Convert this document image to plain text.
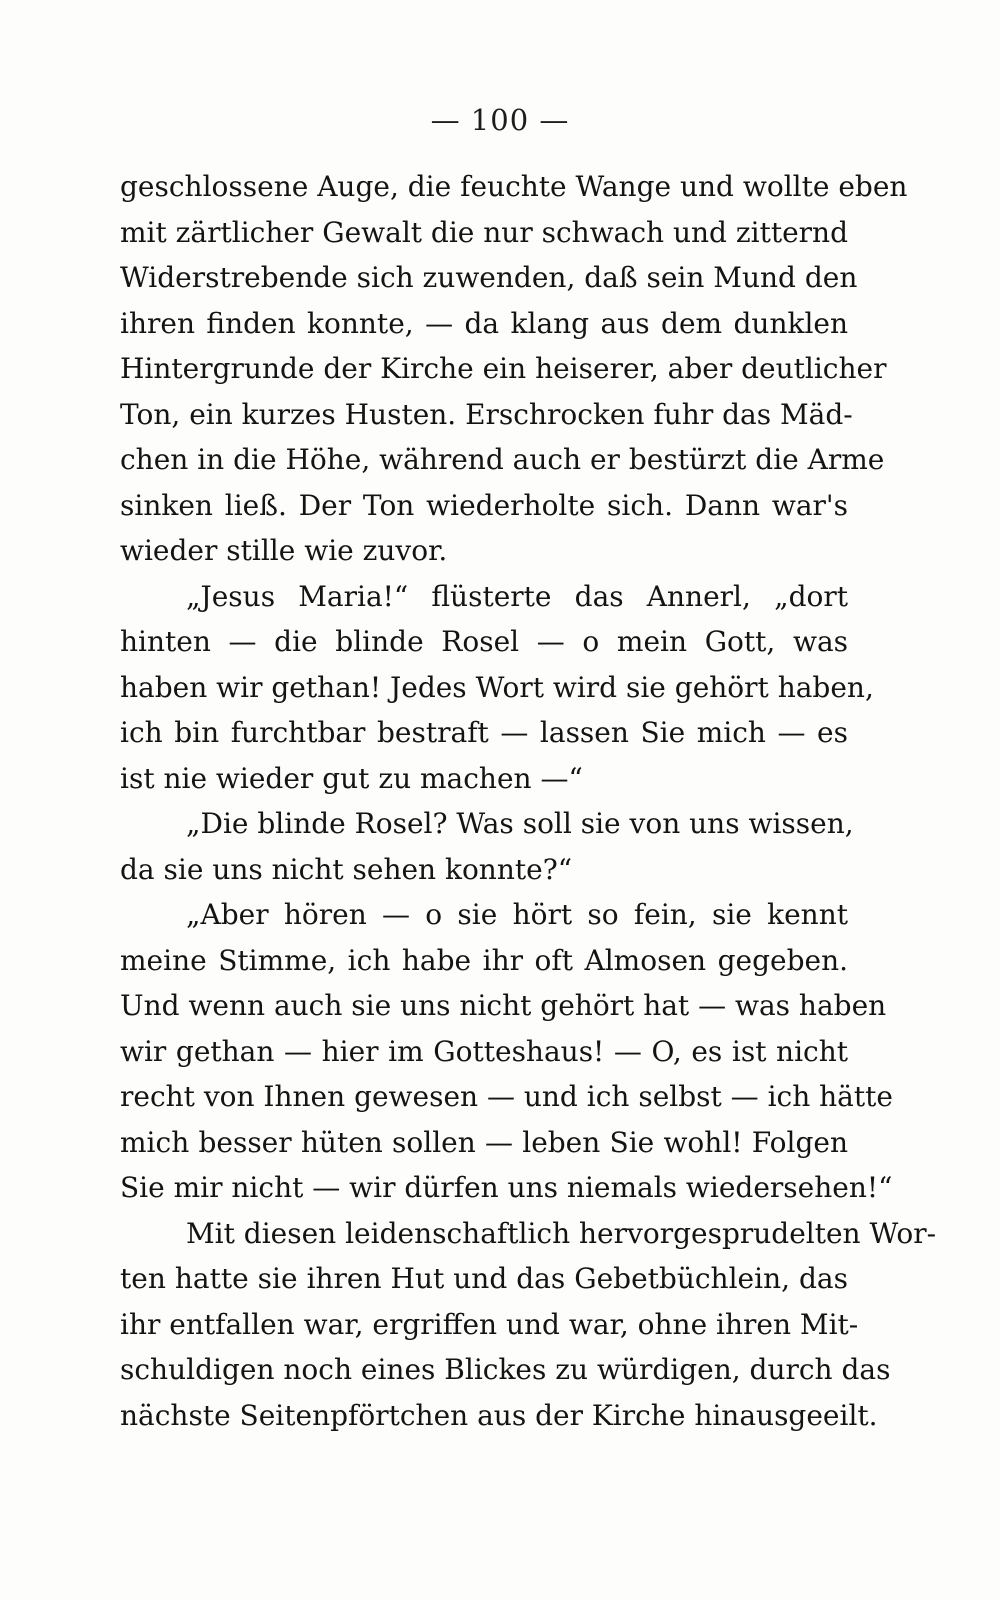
— 100 —
geschlossene Auge, die feuchte Wange und wollte eben
mit zärtlicher Gewalt die nur schwach und zitternd
Widerstrebende sich zuwenden, daß sein Mund den
ihren finden konnte, — da klang aus dem dunklen
Hintergrunde der Kirche ein heiserer, aber deutlicher
Ton, ein kurzes Husten. Erschrocken fuhr das Mäd-
chen in die Höhe, während auch er bestürzt die Arme
sinken ließ. Der Ton wiederholte sich. Dann war's
wieder stille wie zuvor.
„Jesus Maria!“ flüsterte das Annerl, „dort
hinten — die blinde Rosel — o mein Gott, was
haben wir gethan! Jedes Wort wird sie gehört haben,
ich bin furchtbar bestraft — lassen Sie mich — es
ist nie wieder gut zu machen —“
„Die blinde Rosel? Was soll sie von uns wissen,
da sie uns nicht sehen konnte?“
„Aber hören — o sie hört so fein, sie kennt
meine Stimme, ich habe ihr oft Almosen gegeben.
Und wenn auch sie uns nicht gehört hat — was haben
wir gethan — hier im Gotteshaus! — O, es ist nicht
recht von Ihnen gewesen — und ich selbst — ich hätte
mich besser hüten sollen — leben Sie wohl! Folgen
Sie mir nicht — wir dürfen uns niemals wiedersehen!“
Mit diesen leidenschaftlich hervorgesprudelten Wor-
ten hatte sie ihren Hut und das Gebetbüchlein, das
ihr entfallen war, ergriffen und war, ohne ihren Mit-
schuldigen noch eines Blickes zu würdigen, durch das
nächste Seitenpförtchen aus der Kirche hinausgeeilt.
